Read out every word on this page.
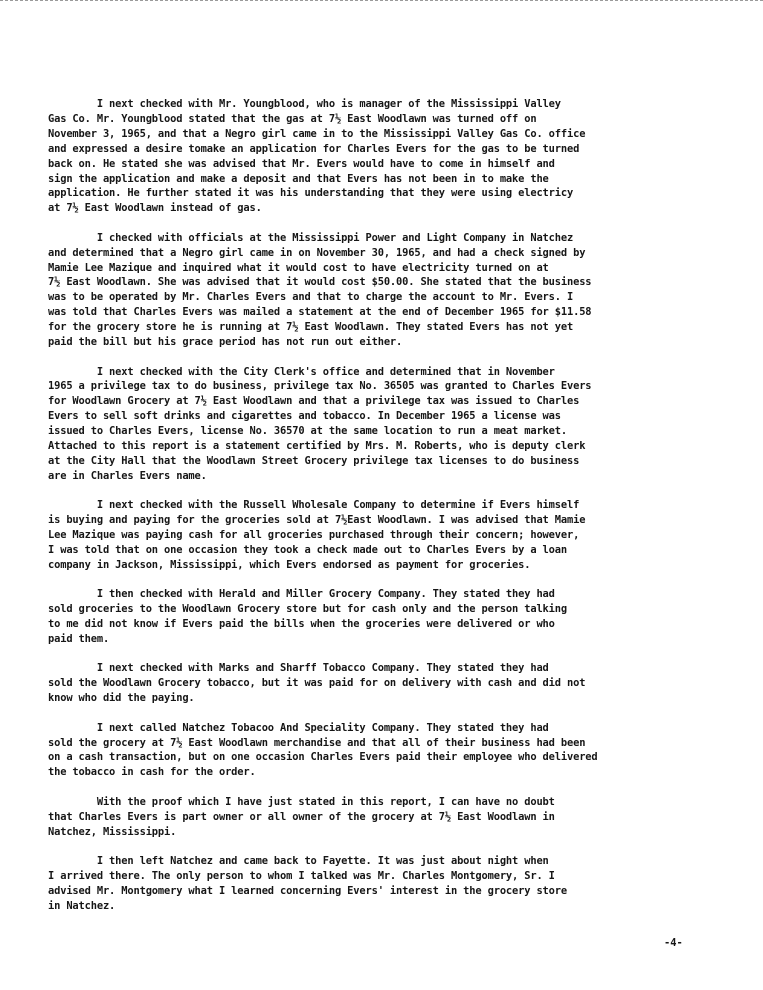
I next checked with Mr. Youngblood, who is manager of the Mississippi Valley
Gas Co. Mr. Youngblood stated that the gas at 7½ East Woodlawn was turned off on
November 3, 1965, and that a Negro girl came in to the Mississippi Valley Gas Co. office
and expressed a desire tomake an application for Charles Evers for the gas to be turned
back on. He stated she was advised that Mr. Evers would have to come in himself and
sign the application and make a deposit and that Evers has not been in to make the
application. He further stated it was his understanding that they were using electricy
at 7½ East Woodlawn instead of gas.
I checked with officials at the Mississippi Power and Light Company in Natchez
and determined that a Negro girl came in on November 30, 1965, and had a check signed by
Mamie Lee Mazique and inquired what it would cost to have electricity turned on at
7½ East Woodlawn. She was advised that it would cost $50.00. She stated that the business
was to be operated by Mr. Charles Evers and that to charge the account to Mr. Evers. I
was told that Charles Evers was mailed a statement at the end of December 1965 for $11.58
for the grocery store he is running at 7½ East Woodlawn. They stated Evers has not yet
paid the bill but his grace period has not run out either.
I next checked with the City Clerk's office and determined that in November
1965 a privilege tax to do business, privilege tax No. 36505 was granted to Charles Evers
for Woodlawn Grocery at 7½ East Woodlawn and that a privilege tax was issued to Charles
Evers to sell soft drinks and cigarettes and tobacco. In December 1965 a license was
issued to Charles Evers, license No. 36570 at the same location to run a meat market.
Attached to this report is a statement certified by Mrs. M. Roberts, who is deputy clerk
at the City Hall that the Woodlawn Street Grocery privilege tax licenses to do business
are in Charles Evers name.
I next checked with the Russell Wholesale Company to determine if Evers himself
is buying and paying for the groceries sold at 7½East Woodlawn. I was advised that Mamie
Lee Mazique was paying cash for all groceries purchased through their concern; however,
I was told that on one occasion they took a check made out to Charles Evers by a loan
company in Jackson, Mississippi, which Evers endorsed as payment for groceries.
I then checked with Herald and Miller Grocery Company. They stated they had
sold groceries to the Woodlawn Grocery store but for cash only and the person talking
to me did not know if Evers paid the bills when the groceries were delivered or who
paid them.
I next checked with Marks and Sharff Tobacco Company. They stated they had
sold the Woodlawn Grocery tobacco, but it was paid for on delivery with cash and did not
know who did the paying.
I next called Natchez Tobacoo And Speciality Company. They stated they had
sold the grocery at 7½ East Woodlawn merchandise and that all of their business had been
on a cash transaction, but on one occasion Charles Evers paid their employee who delivered
the tobacco in cash for the order.
With the proof which I have just stated in this report, I can have no doubt
that Charles Evers is part owner or all owner of the grocery at 7½ East Woodlawn in
Natchez, Mississippi.
I then left Natchez and came back to Fayette. It was just about night when
I arrived there. The only person to whom I talked was Mr. Charles Montgomery, Sr. I
advised Mr. Montgomery what I learned concerning Evers' interest in the grocery store
in Natchez.
-4-
